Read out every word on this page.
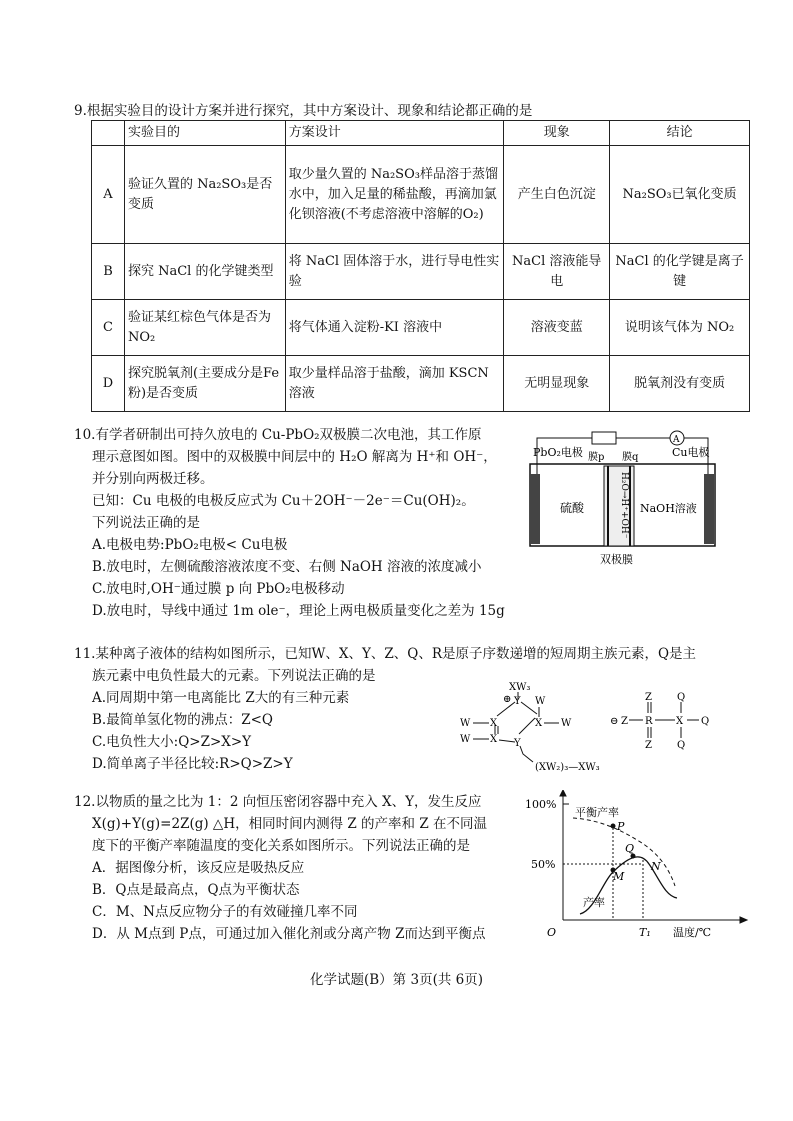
9.根据实验目的设计方案并进行探究，其中方案设计、现象和结论都正确的是
	实验目的	方案设计	现象	结论
A	验证久置的 Na₂SO₃是否变质	取少量久置的 Na₂SO₃样品溶于蒸馏水中，加入足量的稀盐酸，再滴加氯化钡溶液(不考虑溶液中溶解的O₂)	产生白色沉淀	Na₂SO₃已氧化变质
B	探究 NaCl 的化学键类型	将 NaCl 固体溶于水，进行导电性实验	NaCl 溶液能导电	NaCl 的化学键是离子键
C	验证某红棕色气体是否为 NO₂	将气体通入淀粉-KI 溶液中	溶液变蓝	说明该气体为 NO₂
D	探究脱氧剂(主要成分是Fe粉)是否变质	取少量样品溶于盐酸，滴加 KSCN 溶液	无明显现象	脱氧剂没有变质
10.有学者研制出可持久放电的 Cu-PbO₂双极膜二次电池，其工作原
理示意图如图。图中的双极膜中间层中的 H₂O 解离为 H⁺和 OH⁻，
并分别向两极迁移。
已知：Cu 电极的电极反应式为 Cu＋2OH⁻－2e⁻＝Cu(OH)₂。
下列说法正确的是
A.电极电势:PbO₂电极< Cu电极
B.放电时，左侧硫酸溶液浓度不变、右侧 NaOH 溶液的浓度减小
C.放电时,OH⁻通过膜 p 向 PbO₂电极移动
D.放电时，导线中通过 1m ole⁻，理论上两电极质量变化之差为 15g
PbO₂电极 膜p 膜q	Cu电极
A
硫酸	NaOH溶液
H₂O→H⁺+OH⁻
双极膜
11.某种离子液体的结构如图所示，已知W、X、Y、Z、Q、R是原子序数递增的短周期主族元素，Q是主
族元素中电负性最大的元素。下列说法正确的是
A.同周期中第一电离能比 Z大的有三种元素
B.最简单氢化物的沸点：Z<Q
C.电负性大小:Q>Z>X>Y
D.简单离子半径比较:R>Q>Z>Y
XW₃
⊕ Y
X
X
X
Y
W
W
W
W
(XW₂)₃—XW₃
⊖ Z R X Q
Z
Z
Q
Q
12.以物质的量之比为 1：2 向恒压密闭容器中充入 X、Y，发生反应
X(g)+Y(g)=2Z(g) △H，相同时间内测得 Z 的产率和 Z 在不同温
度下的平衡产率随温度的变化关系如图所示。下列说法正确的是
A．据图像分析，该反应是吸热反应
B．Q点是最高点，Q点为平衡状态
C．M、N点反应物分子的有效碰撞几率不同
D．从 M点到 P点，可通过加入催化剂或分离产物 Z而达到平衡点
100%
50%
O	T₁ 温度/℃
平衡产率
产率
P
M
Q
N
化学试题(B）第 3页(共 6页)
